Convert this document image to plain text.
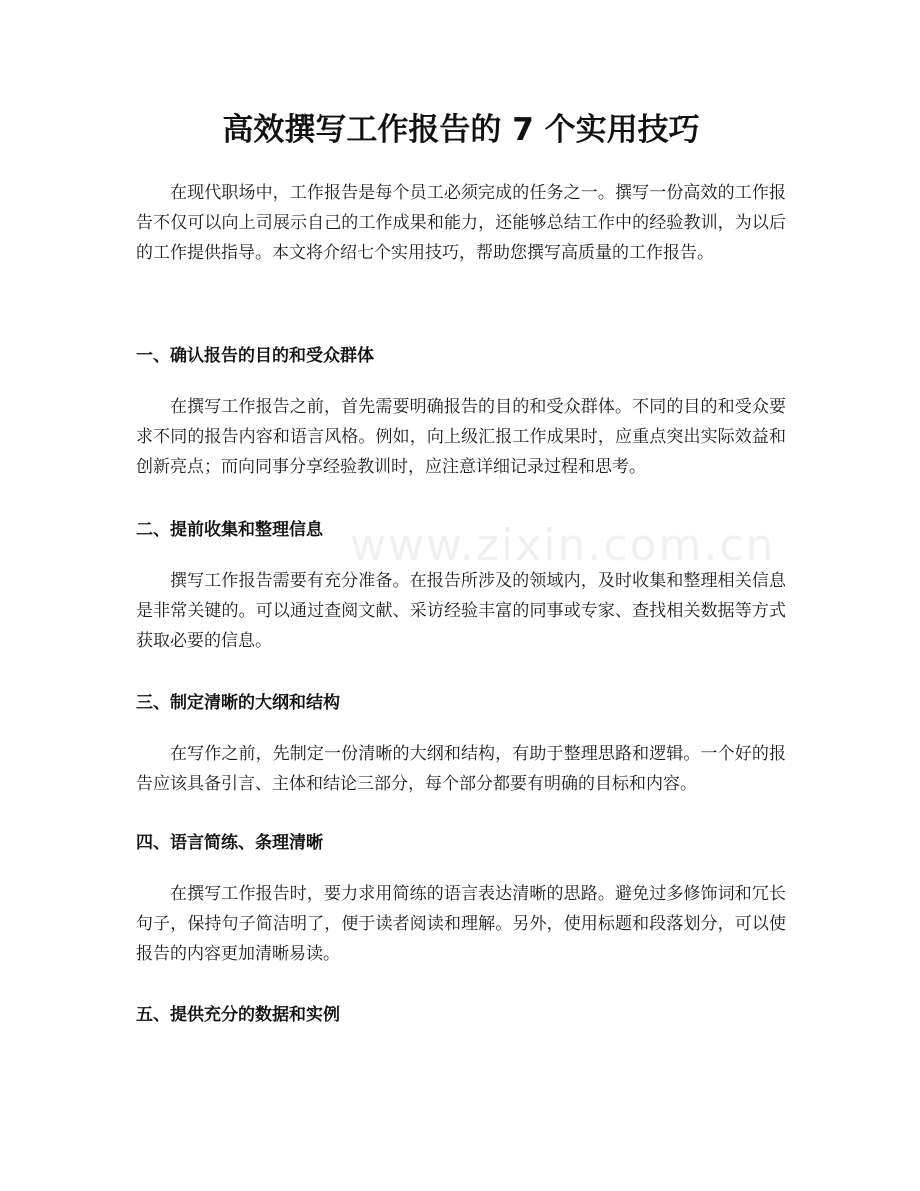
高效撰写工作报告的 7 个实用技巧

在现代职场中，工作报告是每个员工必须完成的任务之一。撰写一份高效的工作报告不仅可以向上司展示自己的工作成果和能力，还能够总结工作中的经验教训，为以后的工作提供指导。本文将介绍七个实用技巧，帮助您撰写高质量的工作报告。

一、确认报告的目的和受众群体

在撰写工作报告之前，首先需要明确报告的目的和受众群体。不同的目的和受众要求不同的报告内容和语言风格。例如，向上级汇报工作成果时，应重点突出实际效益和创新亮点；而向同事分享经验教训时，应注意详细记录过程和思考。

二、提前收集和整理信息

撰写工作报告需要有充分准备。在报告所涉及的领域内，及时收集和整理相关信息是非常关键的。可以通过查阅文献、采访经验丰富的同事或专家、查找相关数据等方式获取必要的信息。

三、制定清晰的大纲和结构

在写作之前，先制定一份清晰的大纲和结构，有助于整理思路和逻辑。一个好的报告应该具备引言、主体和结论三部分，每个部分都要有明确的目标和内容。

四、语言简练、条理清晰

在撰写工作报告时，要力求用简练的语言表达清晰的思路。避免过多修饰词和冗长句子，保持句子简洁明了，便于读者阅读和理解。另外，使用标题和段落划分，可以使报告的内容更加清晰易读。

五、提供充分的数据和实例
www.zixin.com.cn
